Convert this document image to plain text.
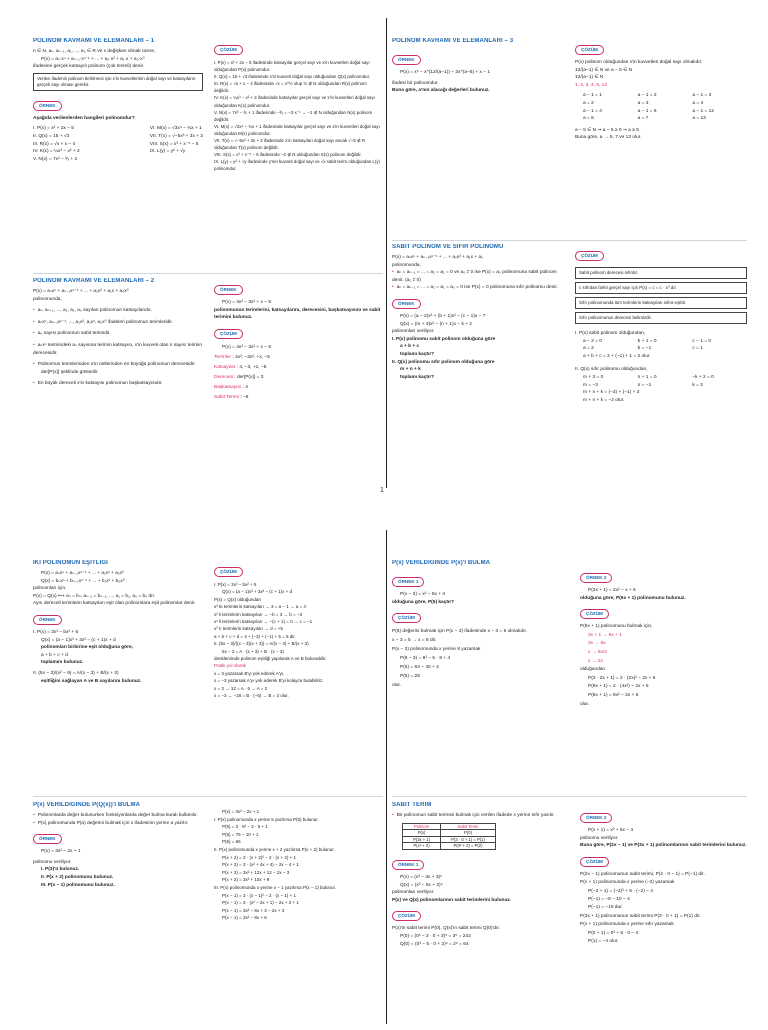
POLİNOM KAVRAMI VE ELEMANLARI – 1

n ∈ N, aₙ, aₙ₋₁, a₁, ..., a₀ ∈ R ve x değişken olmak üzere,

P(x) = aₙ·xⁿ + aₙ₋₁·xⁿ⁻¹ + ... + a₂·x² + a₁·x + a₀·x⁰

ifadesine gerçek katsayılı polinom (çok terimli) denir.

Verilen ifadenin polinom belirtmesi için x'in kuvvetlerinin doğal sayı ve katsayıların gerçek sayı olması gerekir.
ÖRNEK
Aşağıda verilenlerden hangileri polinomdur?

I. P(x) = x² + 2x − 5

II. Q(x) = 15 + √3

III. R(x) = √x + x − 4

IV. K(x) = ¼x³ − x² + 2

V. N(x) = 7x³ − ³⁄ₓ + 2

VI. M(x) = √3x⁴ − ¾x + 1

VII. T(x) = √−5x³ + 3x + 2

VIII. S(x) = x³ + x⁻⁵ − 5

IX. L(y) = y² + √y

ÇÖZÜM

I. P(x) = x² + 2x − 5 ifadesinde katsayılar gerçel sayı ve x'in kuvvetleri doğal sayı olduğundan P(x) polinomdur.

II. Q(x) = 15 + √3 ifadesinde x'in kuvveti doğal sayı olduğundan Q(x) polinomdur.

III. R(x) = √x + x − 4 ifadesinde √x = x^½ olup ½ ∉ N olduğundan R(x) polinom değildir.

IV. K(x) = ¼x³ − x² + 2 ifadesinde katsayılar gerçel sayı ve x'in kuvvetleri doğal sayı olduğundan K(x) polinomdur.

V. N(x) = 7x³ − ³⁄ₓ + 1 ifadesinde −³⁄ₓ = −3·x⁻¹ → −1 ∉ N olduğundan N(x) polinom değildir.

VI. M(x) = √3x⁴ − ¾x + 1 ifadesinde katsayılar gerçel sayı ve x'in kuvvetleri doğal sayı olduğundan M(x) polinomdur.

VII. T(x) = √−5x³ + 3x + 2 ifadesinde x'in katsayıları doğal sayı ancak √−5 ∉ R olduğundan T(x) polinom değildir.

VIII. S(x) = x³ + x⁻⁵ − 5 ifadesinde −2 ∉ N olduğundan S(x) polinom değildir.

IX. L(y) = y² + √y ifadesinde y'nin kuvveti doğal sayı ve √x sabit terim olduğundan L(y) polinomdur.

POLİNOM KAVRAMI VE ELEMANLARI – 2

P(x) = aₙxⁿ + aₙ₋₁xⁿ⁻¹ + ... + a₂x² + a₁x + a₀x⁰

polinomunda,

• aₙ, aₙ₋₁, ..., a₂, a₁, a₀ sayıları polinomun katsayılarıdır.

• aₙxⁿ, aₙ₋₁xⁿ⁻¹, ..., a₂x², a₁x¹, a₀x⁰ ifadeleri polinomun terimleridir.

• a₀ sayısı polinomun sabit terimidir.

• aₙxⁿ terimindeki aₙ sayısına terimin katsayısı, x'in kuvveti olan n sayısı terimin derecesidir.

• Polinomun terimlerinden x'in üstlerinden en büyüğü polinomun derecesidir.

der[P(x)] şeklinde gösterilir.

• En büyük dereceli x'in katsayısı polinomun başkatsayısıdır.

ÖRNEK

P(x) = 4x³ − 3x² + x − 5

polinomunun terimlerini, katsayılarını, derecesini, başkatsayısını ve sabit terimini bulunuz.

ÇÖZÜM

P(x) = 4x³ − 3x² + x − 5

Terimler : 4x³, −3x², +x, −5

Katsayılar : 4, −3, +1, −5

Derecesi : der[P(x)] = 3

Başkatsayısı : 4

Sabit Terimi : −5

POLİNOM KAVRAMI VE ELEMANLARI – 3
ÖRNEK

P(x) = x⁵ − x^(12/(a−1)) − 3x^(a−5) + x − 1

ifadesi bir polinomdur.

Buna göre, a'nın alacağı değerleri bulunuz.

ÇÖZÜM

P(x) polinom olduğundan x'in kuvvetleri doğal sayı olmalıdır.

12/(a−1) ∈ N ve a − 5 ∈ N

12/(a−1) ∈ N

1, 2, 3, 4, 6, 12

a − 1 = 1	a − 1 = 2	a − 1 = 3
a = 2	a = 3	a = 4
a − 1 = 4	a − 1 = 6	a − 1 = 12
a = 5	a = 7	a = 13

a − 5 ∈ N ⇒ a − 5 ≥ 0 ⇒ a ≥ 5

Buna göre, a → 5, 7 ve 13 olur.

SABİT POLİNOM VE SIFIR POLİNOMU

P(x) = aₙxⁿ + aₙ₋₁xⁿ⁻¹ + ... + a₂x² + a₁x + a₀

polinomunda,

• aₙ = aₙ₋₁ = ... = a₂ = a₁ = 0 ve a₀ ≠ 0 ise P(x) = a₀ polinomuna sabit polinom denir. (a₀ ≠ 0)

• aₙ = aₙ₋₁ = ... = a₂ = a₁ = a₀ = 0 ise P(x) = 0 polinomuna sıfır polinomu denir.

ÖRNEK

P(x) = (a − 2)x³ + (b + 1)x² − (c − 1)x − 7

Q(x) = (m + 3)x² − (n + 1)x − k + 2

polinomları veriliyor.

I. P(x) polinomu sabit polinom olduğuna göre

a + b + c

toplamı kaçtır?

II. Q(x) polinomu sıfır polinom olduğuna göre

m + n + k

toplamı kaçtır?

ÇÖZÜM
Sabit polinom derecesi sıfırdır.
c sıfırdan farklı gerçel sayı için P(x) = c = c · x⁰ dır.
Sıfır polinomunda tüm terimlerin katsayıları sıfıra eşittir.
Sıfır polinomunun derecesi belirsizdir.

I. P(x) sabit polinom olduğundan,

a − 2 = 0	b + 1 = 0	c − 1 = 0
a = 2	b = −1	c = 1

a + b + c = 2 + (−1) + 1 = 2 olur.

II. Q(x) sıfır polinomu olduğundan,

m + 3 = 0	n + 1 = 0	−k + 2 = 0
m = −3	n = −1	k = 2

m + n + k = (−3) + (−1) + 2

m + n + k = −2 olur.

1
İKİ POLİNOMUN EŞİTLİĞİ

P(x) = aₙxⁿ + aₙ₋₁xⁿ⁻¹ + ... + a₁x¹ + a₀x⁰

Q(x) = bₙxⁿ + bₙ₋₁xⁿ⁻¹ + ... + b₁x¹ + b₀x⁰

polinomları için,

P(x) = Q(x) ⟺ aₙ = bₙ, aₙ₋₁ = bₙ₋₁, ..., a₁ = b₁, a₀ = b₀ dır.

Aynı dereceli terimlerin katsayıları eşit olan polinomlara eşit polinomlar denir.

ÖRNEK

I. P(x) = 3x³ − bx² + 5

Q(x) = (a − 1)x³ + 3x² − (c + 1)x + d

polinomları birbirine eşit olduğuna göre,

a + b + c + d

toplamını bulunuz.

II. (5x − 3)/(x² − 9) = A/(x − 3) + B/(x + 3)

eşitliğini sağlayan A ve B sayılarını bulunuz.

ÇÖZÜM

I. P(x) = 3x³ − bx² + 5

Q(x) = (a − 1)x³ + 3x² − (c + 1)x + d

P(x) = Q(x) olduğundan

x³ lü terimlerin katsayıları → 3 = a − 1 → a = 4

x² li terimlerin katsayıları → −b = 3 → b = −3

x¹ li terimlerin katsayıları → −(c + 1) = 0 → c = −1

x⁰ lı terimlerin katsayıları → d = +5

a + b + c + d = 4 + (−3) + (−1) + 5 = 5 dir.

II. (5x − 3)/((x − 3)(x + 3)) = A/(x − 3) + B/(x + 3)

5x − 3 = A · (x + 3) + B · (x − 3)

denkleminde polinom eşitliği yapılarak A ve B bulunabilir.

Pratik yol olarak

x = 3 yazarsak B'yi yok ederek A'yı,

x = −3 yazarsak A'yı yok ederek B'yi kolayca bulabiliriz.

x = 3 → 12 = A · 6 → A = 2

x = −3 → −18 = B · (−6) → B = 3 olur.

P(x) VERİLDİĞİNDE P(Q(x))'İ BULMA

• Polinomlarda değer bulunurken fonksiyonlarda değer bulma kuralı kullanılır.

• P(x) polinomunda P(a) değerini bulmak için x ifadesinin yerine a yazılır.

ÖRNEK

P(x) = 3x² − 2x + 1

polinomu veriliyor.

I. P(3)'ü bulunuz.

II. P(x + 2) polinomunu bulunuz.

III. P(x − 1) polinomunu bulunuz.

P(x) = 3x² − 2x + 1

I. P(x) polinomunda x yerine 5 yazılırsa P(5) bulunur.

P(5) = 3 · 5² − 2 · 5 + 1

P(5) = 75 − 10 + 1

P(5) = 66

II. P(x) polinomunda x yerine x + 2 yazılırsa P(x + 2) bulunur.

P(x + 2) = 3 · (x + 2)² − 2 · (x + 2) + 1

P(x + 2) = 3 · (x² + 4x + 4) − 2x − 4 + 1

P(x + 2) = 3x² + 12x + 12 − 2x − 3

P(x + 2) = 3x² + 10x + 9

III. P(x) polinomunda x yerine x − 1 yazılırsa P(x − 1) bulunur.

P(x − 1) = 3 · (x − 1)² − 2 · (x − 1) + 1

P(x − 1) = 3 · (x² − 2x + 1) − 2x + 2 + 1

P(x − 1) = 3x² − 6x + 3 − 2x + 3

P(x − 1) = 3x² − 8x + 6

P(x) VERİLDİĞİNDE P(x)'İ BULMA
ÖRNEK 1

P(x − 3) = x³ − 5x + 4

olduğuna göre, P(5) kaçtır?

ÇÖZÜM

P(5) değerini bulmak için P(x − 3) ifadesinde x − 3 = 5 olmalıdır.

x − 3 = 5 → x = 8 dir.

P(x − 3) polinomunda x yerine 8 yazarsak

P(8 − 3) = 8³ − 5 · 8 + 4

P(5) = 64 − 40 + 4

P(5) = 28

olur.

ÖRNEK 2

P(3x + 1) = 2x² − x + 5

olduğuna göre, P(6x + 1) polinomunu bulunuz.

ÇÖZÜM

P(6x + 1) polinomunu bulmak için,

3x + 1 → 6x + 1

3x → 6x

x → 6x/3

x → 2x

olduğundan

P(3 · 2x + 1) = 2 · (2x)² − 2x + 5

P(6x + 1) = 2 · (4x²) − 2x + 5

P(6x + 1) = 8x² − 2x + 5

olur.

SABİT TERİM

• Bir polinomun sabit terimini bulmak için verilen ifadede x yerine sıfır yazılır.

Polinom	Sabit Terim
P(x)	P(0)
P(3x + 1)	P(3 · 0 + 1) = P(1)
P(x² + 2)	P(0² + 2) = P(2)
ÖRNEK 1

P(x) = (x³ − 3x + 3)⁵

Q(x) = (x³ − 5x + 2)⁶

polinomları veriliyor.

P(x) ve Q(x) polinomlarının sabit terimlerini bulunuz.

ÇÖZÜM

P(x)'in sabit terimi P(0), Q(x)'in sabit terimi Q(0)'dır.

P(0) = (0³ − 3 · 0 + 3)⁵ = 3⁵ = 243

Q(0) = (0³ − 5 · 0 + 2)⁶ = 2⁶ = 64

ÖRNEK 2

P(x + 1) = x³ + 5x − 4

polinomu veriliyor.

Buna göre, P(2x − 1) ve P(3x + 1) polinomlarının sabit terimlerini bulunuz.

ÇÖZÜM

P(2x − 1) polinomunun sabit terimi, P(2 · 0 − 1) = P(−1) dir.

P(x + 1) polinomunda x yerine (−2) yazarsak

P(−2 + 1) = (−2)³ + 5 · (−2) − 4

P(−1) = −8 − 10 − 4

P(−1) = −10 dur.

P(3x + 1) polinomunun sabit terimi P(3 · 0 + 1) = P(1) dir.

P(x + 1) polinomunda x yerine sıfır yazarsak

P(0 + 1) = 0³ + 5 · 0 − 4

P(1) = −4 olur.
